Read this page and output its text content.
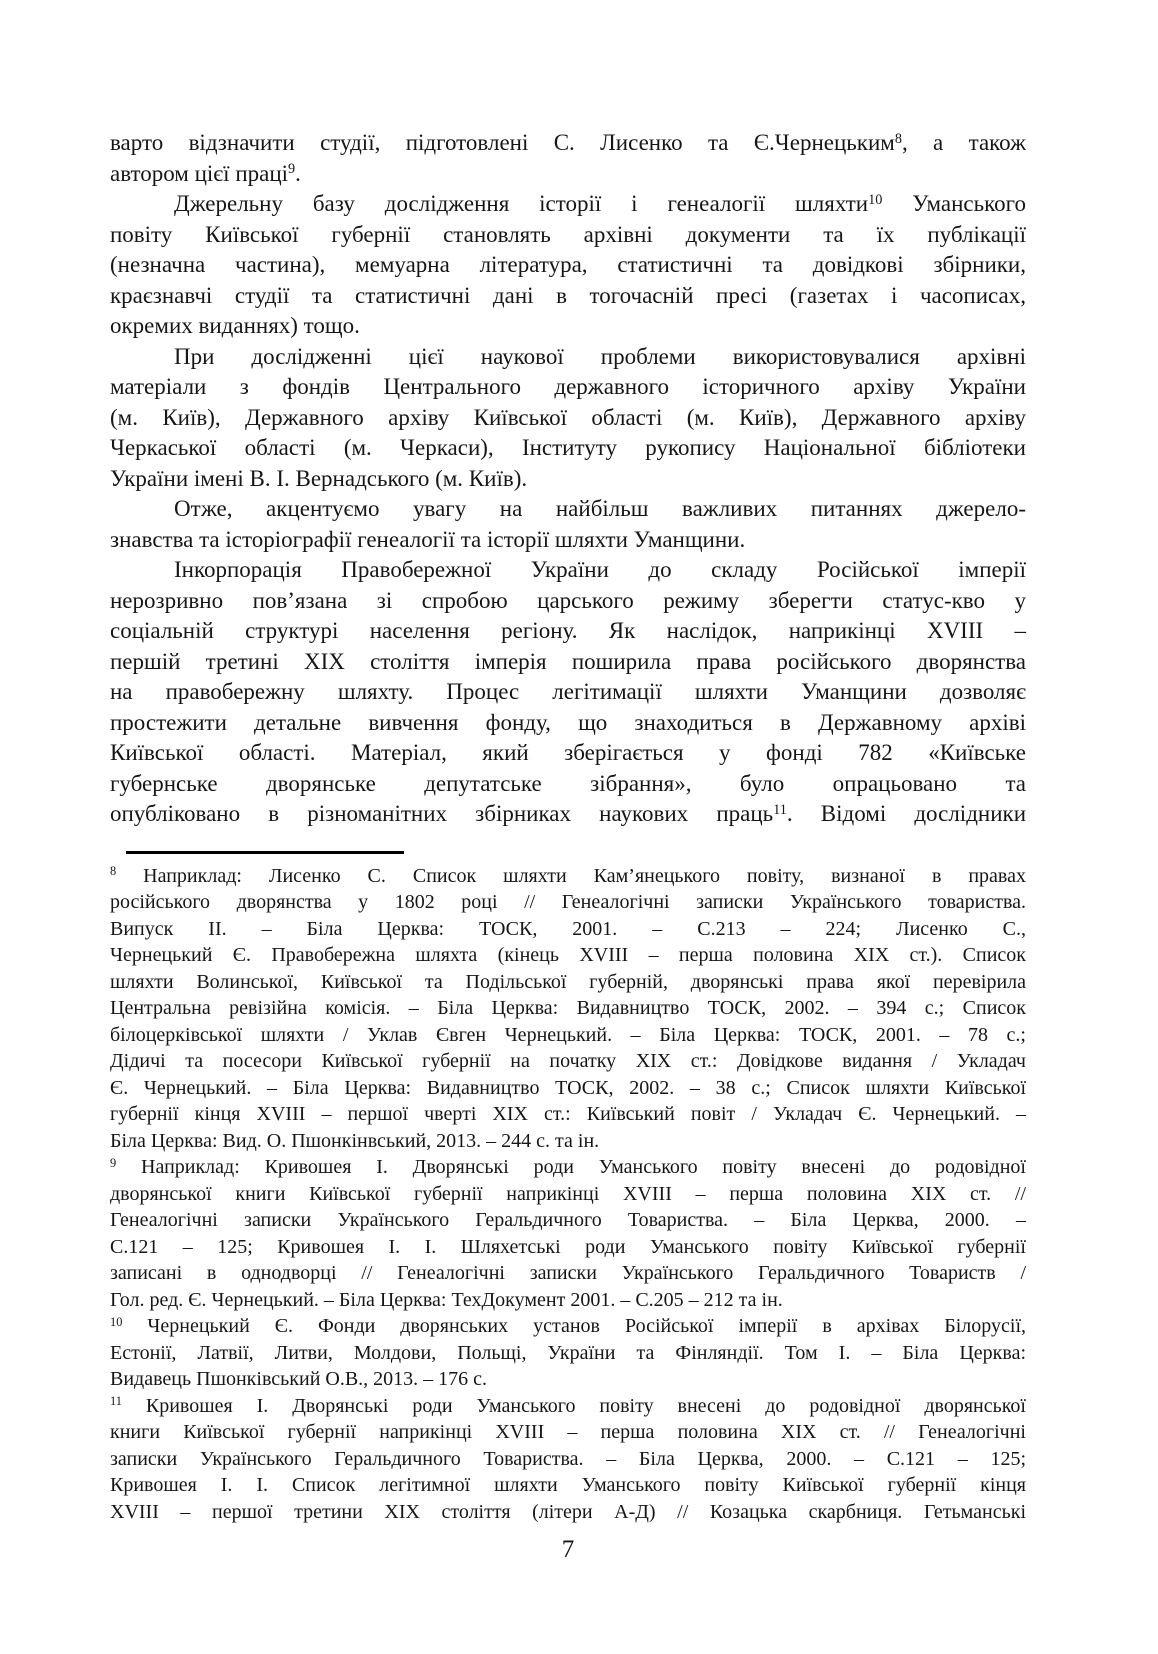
варто відзначити студії, підготовлені С. Лисенко та Є.Чернецьким$^8$, а також
автором цієї праці$^9$.
Джерельну базу дослідження історії і генеалогії шляхти$^{10}$ Уманського
повіту Київської губернії становлять архівні документи та їх публікації
(незначна частина), мемуарна література, статистичні та довідкові збірники,
краєзнавчі студії та статистичні дані в тогочасній пресі (газетах і часописах,
окремих виданнях) тощо.
При дослідженні цієї наукової проблеми використовувалися архівні
матеріали з фондів Центрального державного історичного архіву України
(м. Київ), Державного архіву Київської області (м. Київ), Державного архіву
Черкаської області (м. Черкаси), Інституту рукопису Національної бібліотеки
України імені В. І. Вернадського (м. Київ).
Отже, акцентуємо увагу на найбільш важливих питаннях джерело-
знавства та історіографії генеалогії та історії шляхти Уманщини.
Інкорпорація Правобережної України до складу Російської імперії
нерозривно пов’язана зі спробою царського режиму зберегти статус-кво у
соціальній структурі населення регіону. Як наслідок, наприкінці XVIII –
першій третині XIX століття імперія поширила права російського дворянства
на правобережну шляхту. Процес легітимації шляхти Уманщини дозволяє
простежити детальне вивчення фонду, що знаходиться в Державному архіві
Київської області. Матеріал, який зберігається у фонді 782 «Київське
губернське дворянське депутатське зібрання», було опрацьовано та
опубліковано в різноманітних збірниках наукових праць$^{11}$. Відомі дослідники
$^8$ Наприклад: Лисенко С. Список шляхти Кам’янецького повіту, визнаної в правах
російського дворянства у 1802 році // Генеалогічні записки Українського товариства.
Випуск ІІ. – Біла Церква: ТОСК, 2001. – С.213 – 224; Лисенко С.,
Чернецький Є. Правобережна шляхта (кінець XVIII – перша половина XIX ст.). Список
шляхти Волинської, Київської та Подільської губерній, дворянські права якої перевірила
Центральна ревізійна комісія. – Біла Церква: Видавництво ТОСК, 2002. – 394 с.; Список
білоцерківської шляхти / Уклав Євген Чернецький. – Біла Церква: ТОСК, 2001. – 78 с.;
Дідичі та посесори Київської губернії на початку XIX ст.: Довідкове видання / Укладач
Є. Чернецький. – Біла Церква: Видавництво ТОСК, 2002. – 38 с.; Список шляхти Київської
губернії кінця XVIII – першої чверті XIX ст.: Київський повіт / Укладач Є. Чернецький. –
Біла Церква: Вид. О. Пшонкінвський, 2013. – 244 с. та ін.
$^9$ Наприклад: Кривошея І. Дворянські роди Уманського повіту внесені до родовідної
дворянської книги Київської губернії наприкінці XVIII – перша половина XIX ст. //
Генеалогічні записки Українського Геральдичного Товариства. – Біла Церква, 2000. –
С.121 – 125; Кривошея І. І. Шляхетські роди Уманського повіту Київської губернії
записані в однодворці // Генеалогічні записки Українського Геральдичного Товариств /
Гол. ред. Є. Чернецький. – Біла Церква: ТехДокумент 2001. – С.205 – 212 та ін.
$^{10}$ Чернецький Є. Фонди дворянських установ Російської імперії в архівах Білорусії,
Естонії, Латвії, Литви, Молдови, Польщі, України та Фінляндії. Том І. – Біла Церква:
Видавець Пшонківський О.В., 2013. – 176 с.
$^{11}$ Кривошея І. Дворянські роди Уманського повіту внесені до родовідної дворянської
книги Київської губернії наприкінці XVIII – перша половина XIX ст. // Генеалогічні
записки Українського Геральдичного Товариства. – Біла Церква, 2000. – С.121 – 125;
Кривошея І. І. Список легітимної шляхти Уманського повіту Київської губернії кінця
XVIII – першої третини XIX століття (літери А-Д) // Козацька скарбниця. Гетьманські
7
